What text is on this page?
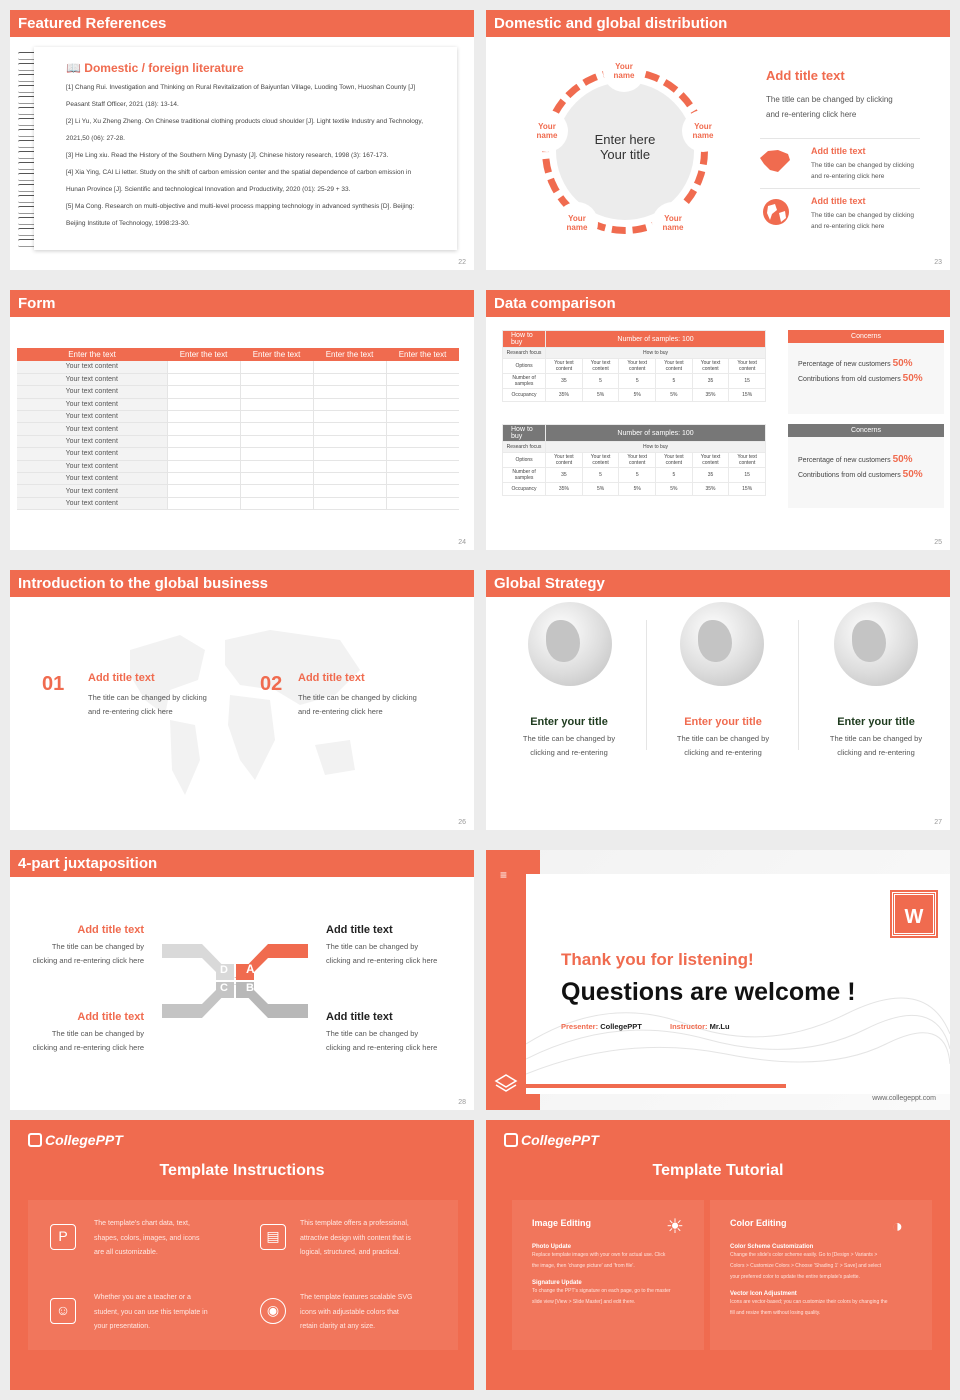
Featured References
📖 Domestic / foreign literature
[1] Chang Rui. Investigation and Thinking on Rural Revitalization of Baiyunfan Village, Luoding Town, Huoshan County [J]
Peasant Staff Officer, 2021 (18): 13-14.
[2] Li Yu, Xu Zheng Zheng. On Chinese traditional clothing products cloud shoulder [J]. Light textile Industry and Technology,
2021,50 (06): 27-28.
[3] He Ling xiu. Read the History of the Southern Ming Dynasty [J]. Chinese history research, 1998 (3): 167-173.
[4] Xia Ying, CAI Li letter. Study on the shift of carbon emission center and the spatial dependence of carbon emission in
Hunan Province [J]. Scientific and technological Innovation and Productivity, 2020 (01): 25-29 + 33.
[5] Ma Cong. Research on multi-objective and multi-level process mapping technology in advanced synthesis [D]. Beijing:
Beijing Institute of Technology, 1998:23-30.
22
Domestic and global distribution
Enter here
Your title
Your
name
Your
name
Your
name
Your
name
Your
name
Add title text
The title can be changed by clicking
and re-entering click here
Add title text
The title can be changed by clicking
and re-entering click here
Add title text
The title can be changed by clicking
and re-entering click here
23
Form
Enter the text	Enter the text	Enter the text	Enter the text	Enter the text
Your text content				
Your text content				
Your text content				
Your text content				
Your text content				
Your text content				
Your text content				
Your text content				
Your text content				
Your text content				
Your text content				
Your text content				
24
Data comparison
How to buy	Number of samples: 100					
Research focus	How to buy					
Options	Your text content	Your text content	Your text content	Your text content	Your text content	Your text content
Number of samples	35	5	5	5	35	15
Occupancy	35%	5%	5%	5%	35%	15%
How to buy	Number of samples: 100					
Research focus	How to buy					
Options	Your text content	Your text content	Your text content	Your text content	Your text content	Your text content
Number of samples	35	5	5	5	35	15
Occupancy	35%	5%	5%	5%	35%	15%
Concerns
Percentage of new customers 50%
Contributions from old customers 50%
Concerns
Percentage of new customers 50%
Contributions from old customers 50%
25
Introduction to the global business
01 Add title text
The title can be changed by clicking
and re-entering click here
02 Add title text
The title can be changed by clicking
and re-entering click here
26
Global Strategy
Enter your title
The title can be changed by
clicking and re-entering
Enter your title
The title can be changed by
clicking and re-entering
Enter your title
The title can be changed by
clicking and re-entering
27
4-part juxtaposition
Add title text
The title can be changed by
clicking and re-entering click here
Add title text
The title can be changed by
clicking and re-entering click here
Add title text
The title can be changed by
clicking and re-entering click here
Add title text
The title can be changed by
clicking and re-entering click here
D A
C B
28
≡
W
Thank you for listening!
Questions are welcome !
Presenter: CollegePPT	Instructor: Mr.Lu
www.collegeppt.com
CollegePPT
Template Instructions
P
The template's chart data, text,
shapes, colors, images, and icons
are all customizable.
▤
This template offers a professional,
attractive design with content that is
logical, structured, and practical.
☺
Whether you are a teacher or a
student, you can use this template in
your presentation.
◉
The template features scalable SVG
icons with adjustable colors that
retain clarity at any size.
CollegePPT
Template Tutorial
Image Editing
Photo Update
Replace template images with your own for actual use. Click
the image, then 'change picture' and 'from file'.
Signature Update
To change the PPT's signature on each page, go to the master
slide view [View > Slide Master] and edit there.
☀	Color Editing
Color Scheme Customization
Change the slide's color scheme easily. Go to [Design > Variants >
Colors > Customize Colors > Choose 'Shading 1' > Save] and select
your preferred color to update the entire template's palette.
Vector Icon Adjustment
Icons are vector-based; you can customize their colors by changing the
fill and resize them without losing quality.
◑
